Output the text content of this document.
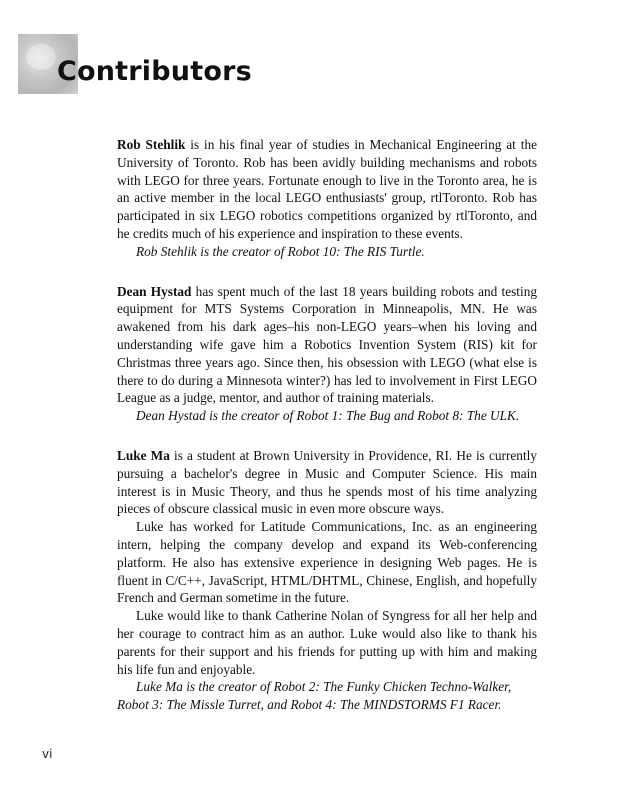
Contributors

Rob Stehlik is in his final year of studies in Mechanical Engineering at the University of Toronto. Rob has been avidly building mechanisms and robots with LEGO for three years. Fortunate enough to live in the Toronto area, he is an active member in the local LEGO enthusiasts' group, rtlToronto. Rob has participated in six LEGO robotics competitions organized by rtlToronto, and he credits much of his experience and inspiration to these events.

Rob Stehlik is the creator of Robot 10: The RIS Turtle.

Dean Hystad has spent much of the last 18 years building robots and testing equipment for MTS Systems Corporation in Minneapolis, MN. He was awakened from his dark ages–his non-LEGO years–when his loving and understanding wife gave him a Robotics Invention System (RIS) kit for Christmas three years ago. Since then, his obsession with LEGO (what else is there to do during a Minnesota winter?) has led to involvement in First LEGO League as a judge, mentor, and author of training materials.

Dean Hystad is the creator of Robot 1: The Bug and Robot 8: The ULK.

Luke Ma is a student at Brown University in Providence, RI. He is currently pursuing a bachelor's degree in Music and Computer Science. His main interest is in Music Theory, and thus he spends most of his time analyzing pieces of obscure classical music in even more obscure ways.

Luke has worked for Latitude Communications, Inc. as an engineering intern, helping the company develop and expand its Web-conferencing platform. He also has extensive experience in designing Web pages. He is fluent in C/C++, JavaScript, HTML/DHTML, Chinese, English, and hopefully French and German sometime in the future.

Luke would like to thank Catherine Nolan of Syngress for all her help and her courage to contract him as an author. Luke would also like to thank his parents for their support and his friends for putting up with him and making his life fun and enjoyable.

Luke Ma is the creator of Robot 2: The Funky Chicken Techno-Walker, Robot 3: The Missle Turret, and Robot 4: The MINDSTORMS F1 Racer.

vi
